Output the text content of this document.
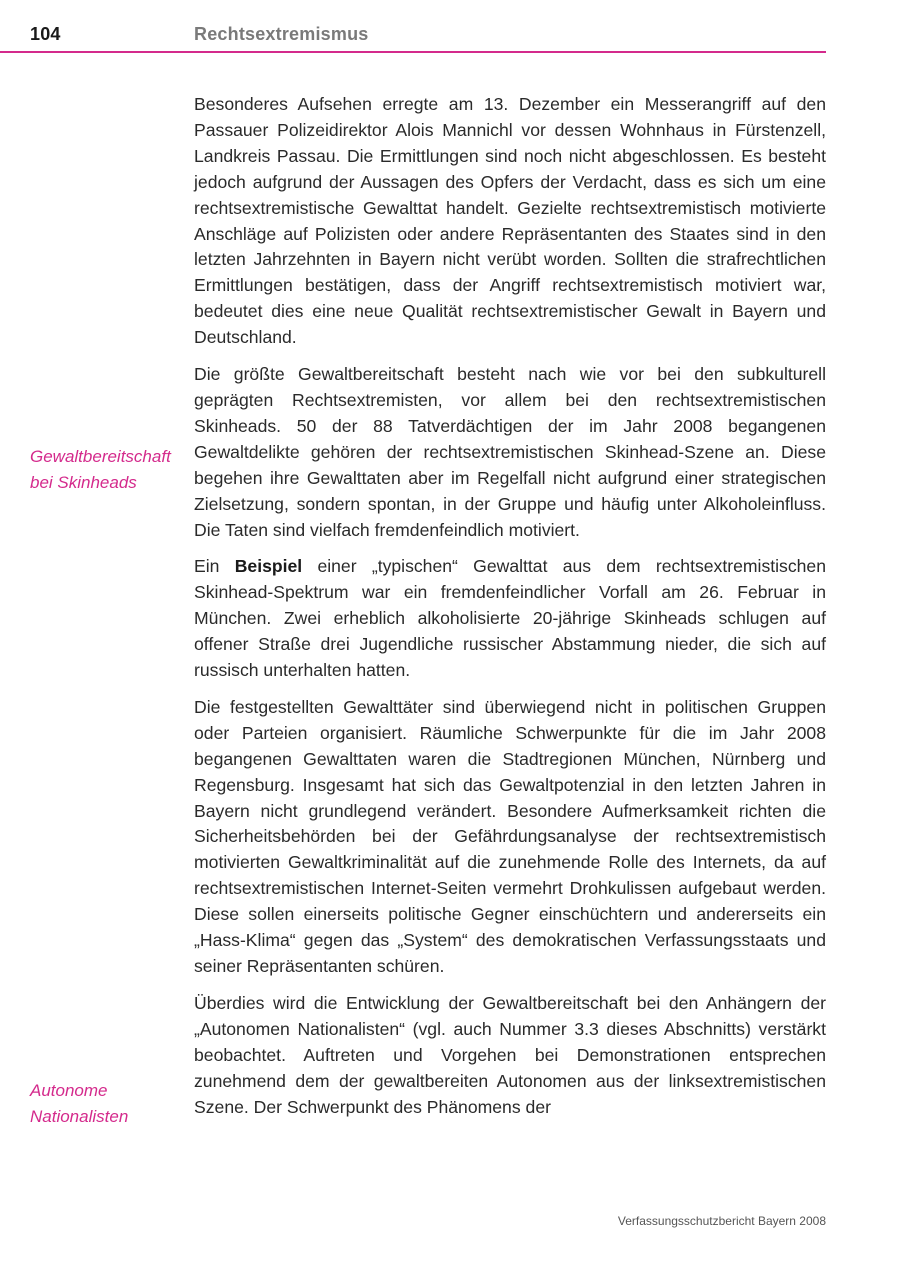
104	Rechtsextremismus
Gewaltbereitschaft
bei Skinheads
Autonome
Nationalisten

Besonderes Aufsehen erregte am 13. Dezember ein Messerangriff auf den Passauer Polizeidirektor Alois Mannichl vor dessen Wohnhaus in Fürstenzell, Landkreis Passau. Die Ermittlungen sind noch nicht abgeschlossen. Es besteht jedoch aufgrund der Aussagen des Opfers der Verdacht, dass es sich um eine rechtsextremistische Gewalttat handelt. Gezielte rechtsextremistisch motivierte Anschläge auf Polizisten oder andere Repräsentanten des Staates sind in den letzten Jahrzehnten in Bayern nicht verübt worden. Sollten die strafrechtlichen Ermittlungen bestätigen, dass der Angriff rechtsextremistisch motiviert war, bedeutet dies eine neue Qualität rechtsextremistischer Gewalt in Bayern und Deutschland.

Die größte Gewaltbereitschaft besteht nach wie vor bei den subkulturell geprägten Rechtsextremisten, vor allem bei den rechtsextremistischen Skinheads. 50 der 88 Tatverdächtigen der im Jahr 2008 begangenen Gewaltdelikte gehören der rechtsextremistischen Skinhead-Szene an. Diese begehen ihre Gewalttaten aber im Regelfall nicht aufgrund einer strategischen Zielsetzung, sondern spontan, in der Gruppe und häufig unter Alkoholeinfluss. Die Taten sind vielfach fremdenfeindlich motiviert.

Ein Beispiel einer „typischen“ Gewalttat aus dem rechtsextremistischen Skinhead-Spektrum war ein fremdenfeindlicher Vorfall am 26. Februar in München. Zwei erheblich alkoholisierte 20-jährige Skinheads schlugen auf offener Straße drei Jugendliche russischer Abstammung nieder, die sich auf russisch unterhalten hatten.

Die festgestellten Gewalttäter sind überwiegend nicht in politischen Gruppen oder Parteien organisiert. Räumliche Schwerpunkte für die im Jahr 2008 begangenen Gewalttaten waren die Stadtregionen München, Nürnberg und Regensburg. Insgesamt hat sich das Gewaltpotenzial in den letzten Jahren in Bayern nicht grundlegend verändert. Besondere Aufmerksamkeit richten die Sicherheitsbehörden bei der Gefährdungsanalyse der rechtsextremistisch motivierten Gewaltkriminalität auf die zunehmende Rolle des Internets, da auf rechtsextremistischen Internet-Seiten vermehrt Drohkulissen aufgebaut werden. Diese sollen einerseits politische Gegner einschüchtern und andererseits ein „Hass-Klima“ gegen das „System“ des demokratischen Verfassungsstaats und seiner Repräsentanten schüren.

Überdies wird die Entwicklung der Gewaltbereitschaft bei den Anhängern der „Autonomen Nationalisten“ (vgl. auch Nummer 3.3 dieses Abschnitts) verstärkt beobachtet. Auftreten und Vorgehen bei Demonstrationen entsprechen zunehmend dem der gewaltbereiten Autonomen aus der linksextremistischen Szene. Der Schwerpunkt des Phänomens der

Verfassungsschutzbericht Bayern 2008
